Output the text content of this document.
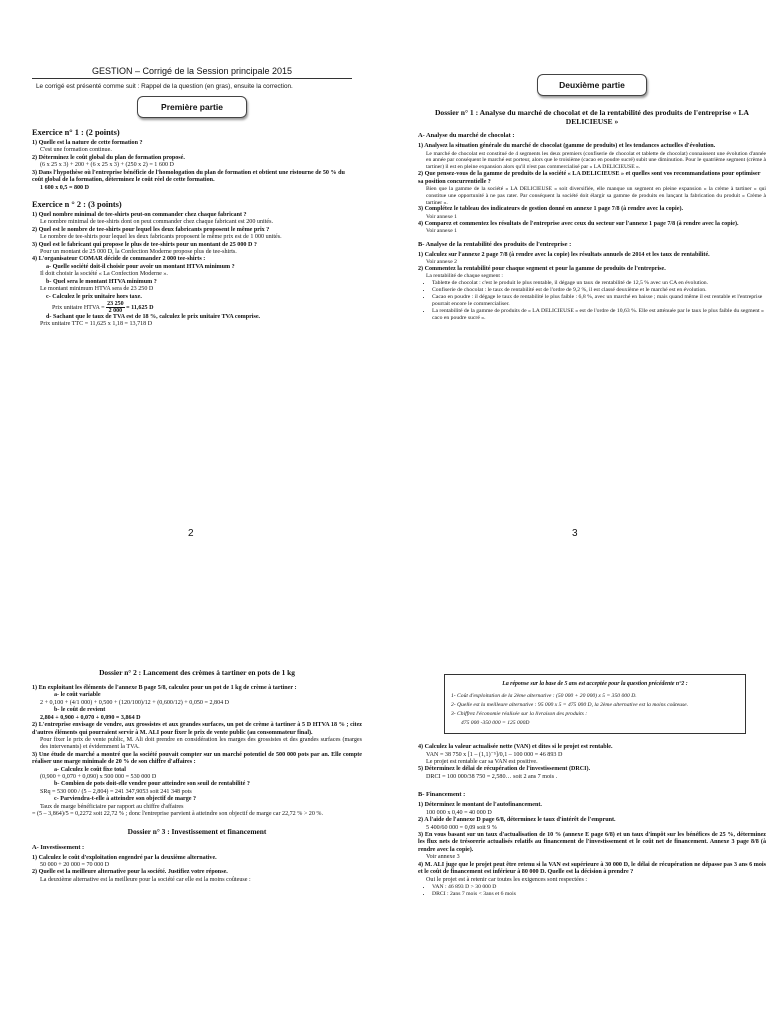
GESTION – Corrigé de la Session principale 2015

Le corrigé est présenté comme suit : Rappel de la question (en gras), ensuite la correction.

Première partie
Exercice n° 1 : (2 points)

1) Quelle est la nature de cette formation ?

C'est une formation continue.

2) Déterminez le coût global du plan de formation proposé.

(6 x 25 x 3) + 200 + (6 x 25 x 3) + (250 x 2) = 1 600 D

3) Dans l'hypothèse où l'entreprise bénéficie de l'homologation du plan de formation et obtient une ristourne de 50 % du coût global de la formation, déterminez le coût réel de cette formation.

1 600 x 0,5 = 800 D

Exercice n ° 2 : (3 points)

1) Quel nombre minimal de tee-shirts peut-on commander chez chaque fabricant ?

Le nombre minimal de tee-shirts dont on peut commander chez chaque fabricant est 200 unités.

2) Quel est le nombre de tee-shirts pour lequel les deux fabricants proposent le même prix ?

Le nombre de tee-shirts pour lequel les deux fabricants proposent le même prix est de 1 000 unités.

3) Quel est le fabricant qui propose le plus de tee-shirts pour un montant de 25 000 D ?

Pour un montant de 25 000 D, la Confection Moderne propose plus de tee-shirts.

4) L'organisateur COMAR décide de commander 2 000 tee-shirts :

a- Quelle société doit-il choisir pour avoir un montant HTVA minimum ?

Il doit choisir la société « La Confection Moderne ».

b- Quel sera le montant HTVA minimum ?

Le montant minimum HTVA sera de 23 250 D

c- Calculez le prix unitaire hors taxe.

Prix unitaire HTVA = $\frac{23 250}{2 000} = 11,625$ D

d- Sachant que le taux de TVA est de 18 %, calculez le prix unitaire TVA comprise.

Prix unitaire TTC = 11,625 x 1,18 = 13,718 D

2
Deuxième partie
Dossier n° 1 : Analyse du marché de chocolat et de la rentabilité des produits de l'entreprise « LA DELICIEUSE »
A- Analyse du marché de chocolat :

1) Analysez la situation générale du marché de chocolat (gamme de produits) et les tendances actuelles d'évolution.

Le marché de chocolat est constitué de 4 segments les deux premiers (confiserie de chocolat et tablette de chocolat) connaissent une évolution d'année en année par conséquent le marché est porteur, alors que le troisième (cacao en poudre sucré) subit une diminution. Pour le quatrième segment (crème à tartiner) il est en pleine expansion alors qu'il n'est pas commercialisé par « LA DELICIEUSE ».

2) Que pensez-vous de la gamme de produits de la société « LA DELICIEUSE » et quelles sont vos recommandations pour optimiser sa position concurrentielle ?

Bien que la gamme de la société « LA DELICIEUSE » soit diversifiée, elle manque un segment en pleine expansion « la crème à tartiner » qui constitue une opportunité à ne pas rater. Par conséquent la société doit élargir sa gamme de produits en lançant la fabrication du produit « Crème à tartiner ».

3) Complétez le tableau des indicateurs de gestion donné en annexe 1 page 7/8 (à rendre avec la copie).

Voir annexe 1

4) Comparez et commentez les résultats de l'entreprise avec ceux du secteur sur l'annexe 1 page 7/8 (à rendre avec la copie).

Voir annexe 1

B- Analyse de la rentabilité des produits de l'entreprise :

1) Calculez sur l'annexe 2 page 7/8 (à rendre avec la copie) les résultats annuels de 2014 et les taux de rentabilité.

Voir annexe 2

2) Commentez la rentabilité pour chaque segment et pour la gamme de produits de l'entreprise.

La rentabilité de chaque segment :

• Tablette de chocolat : c'est le produit le plus rentable, il dégage un taux de rentabilité de 12,5 % avec un CA en évolution.
• Confiserie de chocolat : le taux de rentabilité est de l'ordre de 9,2 %, il est classé deuxième et le marché est en évolution.
• Cacao en poudre : il dégage le taux de rentabilité le plus faible : 6,8 %, avec un marché en baisse ; mais quand même il est rentable et l'entreprise pourrait encore le commercialiser.
• La rentabilité de la gamme de produits de « LA DELICIEUSE » est de l'ordre de 10,63 %. Elle est atténuée par le taux le plus faible du segment « caco en poudre sucré ».
3
Dossier n° 2 : Lancement des crèmes à tartiner en pots de 1 kg

1) En exploitant les éléments de l'annexe B page 5/8, calculez pour un pot de 1 kg de crème à tartiner :

a- le coût variable

2 + 0,100 + (4/1 000) + 0,500 + (120/100)/12 + (0,600/12) + 0,050 = 2,804 D

b- le coût de revient

2,804 + 0,900 + 0,070 + 0,090 = 3,864 D

2) L'entreprise envisage de vendre, aux grossistes et aux grandes surfaces, un pot de crème à tartiner à 5 D HTVA 18 % ; citez d'autres éléments qui pourraient servir à M. ALI pour fixer le prix de vente public (au consommateur final).

Pour fixer le prix de vente public, M. Ali doit prendre en considération les marges des grossistes et des grandes surfaces (marges des intervenants) et évidemment la TVA.

3) Une étude de marché a montré que la société pouvait compter sur un marché potentiel de 500 000 pots par an. Elle compte réaliser une marge minimale de 20 % de son chiffre d'affaires :

a- Calculez le coût fixe total

(0,900 + 0,070 + 0,090) x 500 000 = 530 000 D

b- Combien de pots doit-elle vendre pour atteindre son seuil de rentabilité ?

SRq = 530 000 / (5 – 2,804) = 241 347,9053 soit 241 348 pots

c- Parviendra-t-elle à atteindre son objectif de marge ?

Taux de marge bénéficiaire par rapport au chiffre d'affaires

= (5 – 3,864)/5 = 0,2272 soit 22,72 % ; donc l'entreprise parvient à atteindre son objectif de marge car 22,72 % > 20 %.

Dossier n° 3 : Investissement et financement
A- Investissement :

1) Calculez le coût d'exploitation engendré par la deuxième alternative.

50 000 + 20 000 = 70 000 D

2) Quelle est la meilleure alternative pour la société. Justifiez votre réponse.

La deuxième alternative est la meilleure pour la société car elle est la moins coûteuse :

La réponse sur la base de 5 ans est acceptée pour la question précédente n°2 :

1- Coût d'exploitation de la 2ème alternative : (50 000 + 20 000) x 5 = 350 000 D.

2- Quelle est la meilleure alternative : 95 000 x 5 = 475 000 D, la 2ème alternative est la moins coûteuse.

3- Chiffrez l'économie réalisée sur la livraison des produits :

475 000 -350 000 = 125 000D

4) Calculez la valeur actualisée nette (VAN) et dites si le projet est rentable.

VAN = 38 750 x [1 – (1,1)⁻⁵]/0,1 – 100 000 = 46 893 D

Le projet est rentable car sa VAN est positive.

5) Déterminez le délai de récupération de l'investissement (DRCI).

DRCI = 100 000/38 750 = 2,580… soit 2 ans 7 mois .

B- Financement :

1) Déterminez le montant de l'autofinancement.

100 000 x 0,40 = 40 000 D

2) A l'aide de l'annexe D page 6/8, déterminez le taux d'intérêt de l'emprunt.

5 400/60 000 = 0,09 soit 9 %

3) En vous basant sur un taux d'actualisation de 10 % (annexe E page 6/8) et un taux d'impôt sur les bénéfices de 25 %, déterminez les flux nets de trésorerie actualisés relatifs au financement de l'investissement et le coût net de financement. Annexe 3 page 8/8 (à rendre avec la copie).

Voir annexe 3

4) M. ALI juge que le projet peut être retenu si la VAN est supérieure à 30 000 D, le délai de récupération ne dépasse pas 3 ans 6 mois et le coût de financement est inférieur à 80 000 D. Quelle est la décision à prendre ?

Oui le projet est à retenir car toutes les exigences sont respectées :

• VAN : 46 893 D > 30 000 D
• DRCI : 2ans 7 mois < 3ans et 6 mois
